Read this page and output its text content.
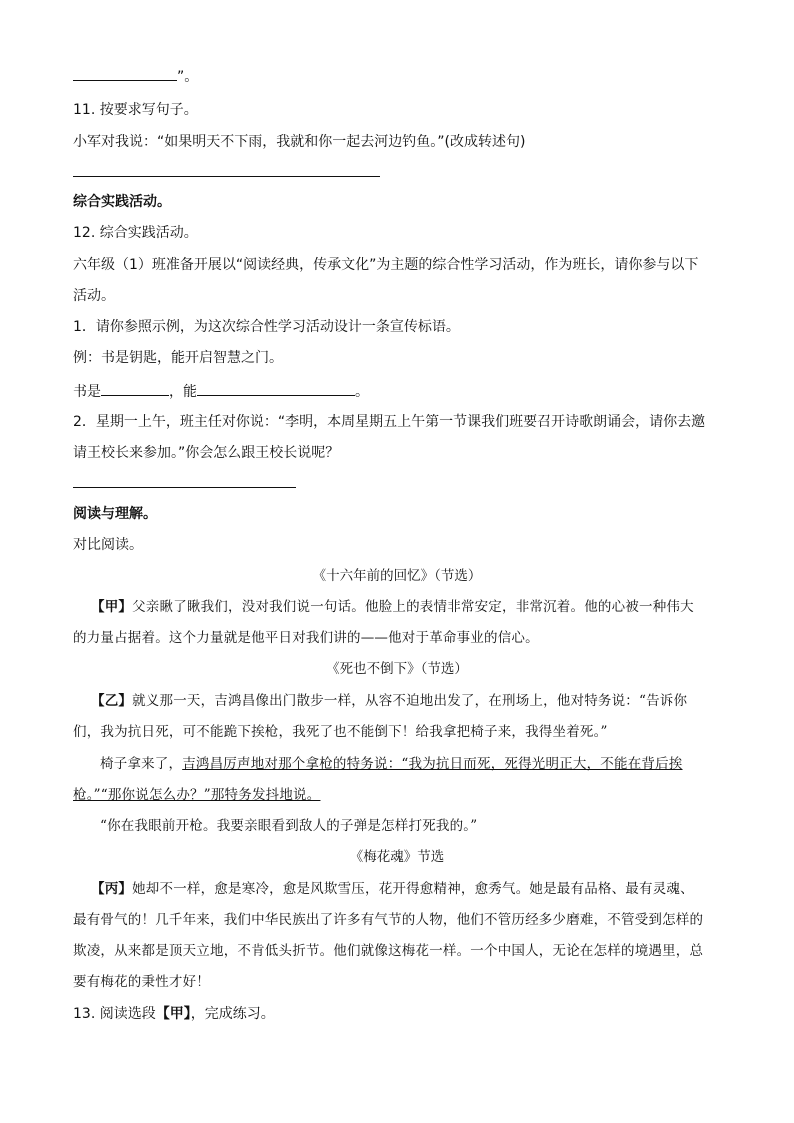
”。
11. 按要求写句子。
小军对我说：“如果明天不下雨，我就和你一起去河边钓鱼。”(改成转述句)
综合实践活动。
12. 综合实践活动。
六年级（1）班准备开展以“阅读经典，传承文化”为主题的综合性学习活动，作为班长，请你参与以下
活动。
1．请你参照示例，为这次综合性学习活动设计一条宣传标语。
例：书是钥匙，能开启智慧之门。
书是	，能	。
2．星期一上午，班主任对你说：“李明，本周星期五上午第一节课我们班要召开诗歌朗诵会，请你去邀
请王校长来参加。”你会怎么跟王校长说呢？
阅读与理解。
对比阅读。
《十六年前的回忆》（节选）
【甲】父亲瞅了瞅我们，没对我们说一句话。他脸上的表情非常安定，非常沉着。他的心被一种伟大
的力量占据着。这个力量就是他平日对我们讲的——他对于革命事业的信心。
《死也不倒下》（节选）
【乙】就义那一天，吉鸿昌像出门散步一样，从容不迫地出发了，在刑场上，他对特务说：“告诉你
们，我为抗日死，可不能跪下挨枪，我死了也不能倒下！给我拿把椅子来，我得坐着死。”
椅子拿来了，吉鸿昌厉声地对那个拿枪的特务说：“我为抗日而死，死得光明正大，不能在背后挨
枪。”“那你说怎么办？”那特务发抖地说。
“你在我眼前开枪。我要亲眼看到敌人的子弹是怎样打死我的。”
《梅花魂》节选
【丙】她却不一样，愈是寒冷，愈是风欺雪压，花开得愈精神，愈秀气。她是最有品格、最有灵魂、
最有骨气的！几千年来，我们中华民族出了许多有气节的人物，他们不管历经多少磨难，不管受到怎样的
欺凌，从来都是顶天立地，不肯低头折节。他们就像这梅花一样。一个中国人，无论在怎样的境遇里，总
要有梅花的秉性才好！
13. 阅读选段【甲】，完成练习。
